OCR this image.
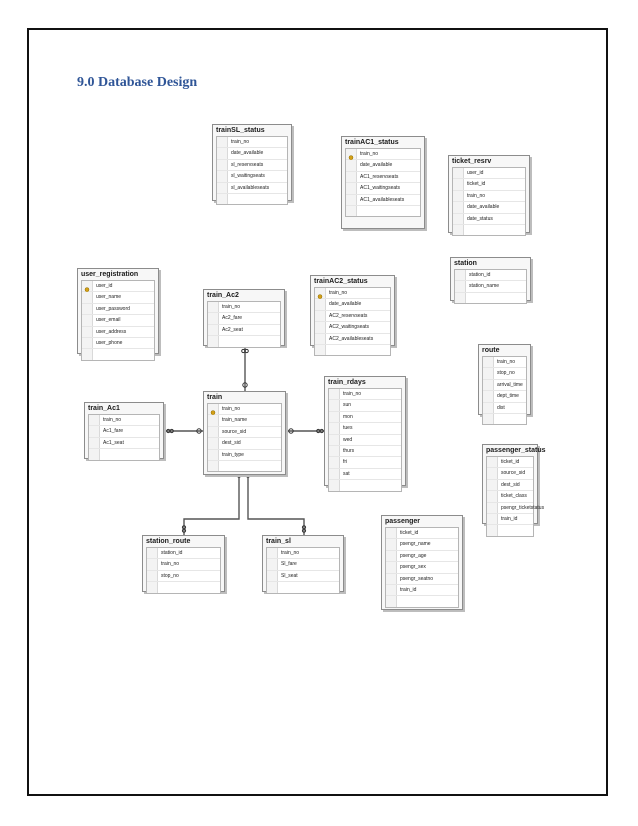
9.0 Database Design
trainSL_status
train_no
date_available
sl_reservseats
sl_waitingseats
sl_availableseats
trainAC1_status
train_no
date_available
AC1_reservseats
AC1_waitingseats
AC1_availableseats
ticket_resrv
user_id
ticket_id
train_no
date_available
date_status
user_registration
user_id
user_name
user_password
user_email
user_address
user_phone
train_Ac2
train_no
Ac2_fare
Ac2_seat
trainAC2_status
train_no
date_available
AC2_reservseats
AC2_waitingseats
AC2_availableseats
station
station_id
station_name
route
train_no
stop_no
arrival_time
dept_time
dist
train_Ac1
train_no
Ac1_fare
Ac1_seat
train
train_no
train_name
source_sid
dest_sid
train_type
train_rdays
train_no
sun
mon
tues
wed
thurs
fri
sat
passenger_status
ticket_id
source_sid
dest_sid
ticket_class
psengr_ticketstatus
train_id
passenger
ticket_id
psengr_name
psengr_age
psengr_sex
psengr_seatno
train_id
station_route
station_id
train_no
stop_no
train_sl
train_no
Sl_fare
Sl_seat
